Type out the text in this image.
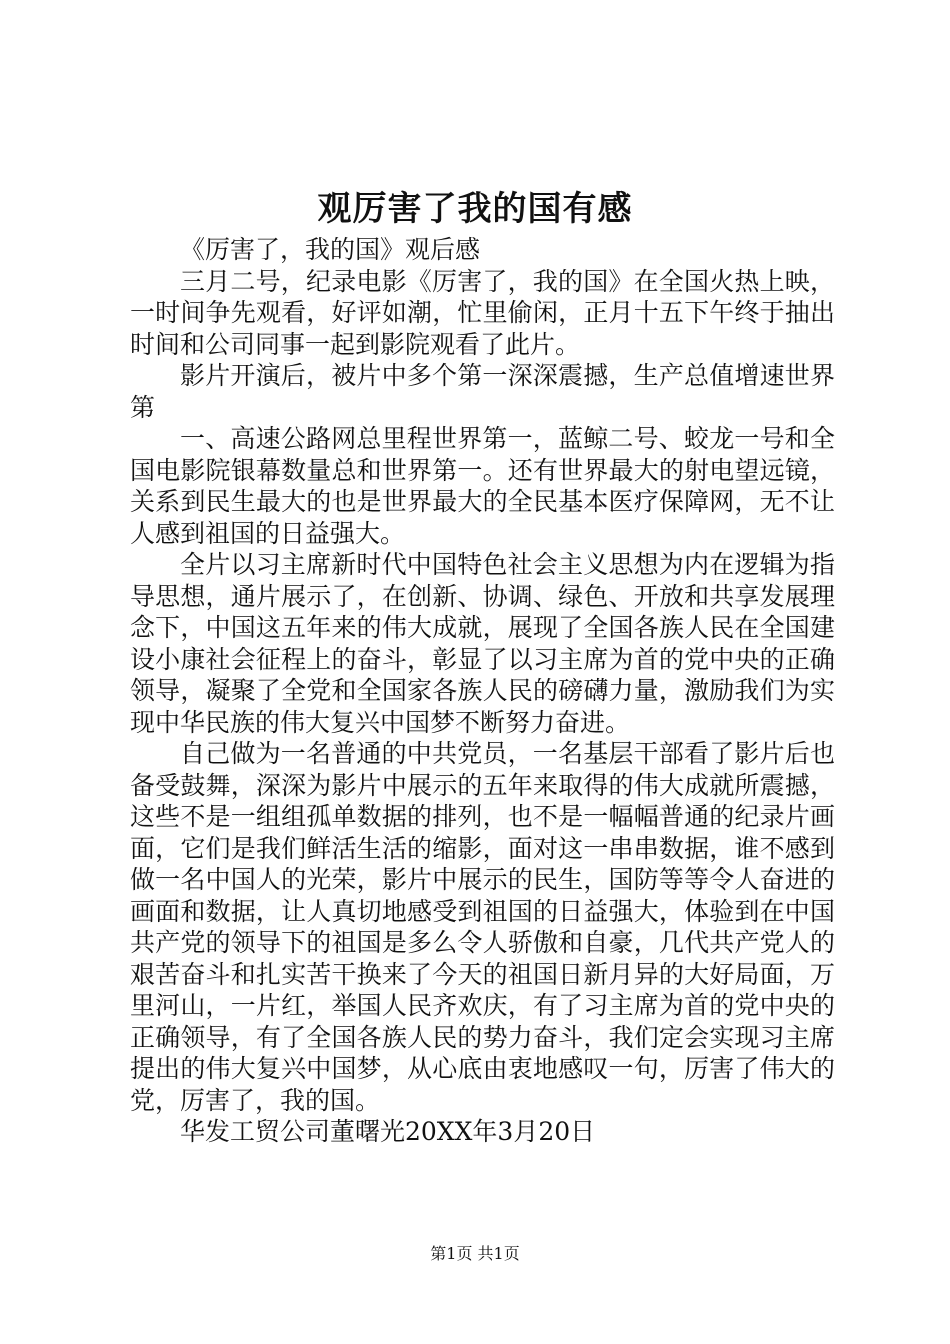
观厉害了我的国有感

《厉害了，我的国》观后感

三月二号，纪录电影《厉害了，我的国》在全国火热上映，一时间争先观看，好评如潮，忙里偷闲，正月十五下午终于抽出时间和公司同事一起到影院观看了此片。

影片开演后，被片中多个第一深深震撼，生产总值增速世界第

一、高速公路网总里程世界第一，蓝鲸二号、蛟龙一号和全国电影院银幕数量总和世界第一。还有世界最大的射电望远镜，关系到民生最大的也是世界最大的全民基本医疗保障网，无不让人感到祖国的日益强大。

全片以习主席新时代中国特色社会主义思想为内在逻辑为指导思想，通片展示了，在创新、协调、绿色、开放和共享发展理念下，中国这五年来的伟大成就，展现了全国各族人民在全国建设小康社会征程上的奋斗，彰显了以习主席为首的党中央的正确领导，凝聚了全党和全国家各族人民的磅礴力量，激励我们为实现中华民族的伟大复兴中国梦不断努力奋进。

自己做为一名普通的中共党员，一名基层干部看了影片后也备受鼓舞，深深为影片中展示的五年来取得的伟大成就所震撼，这些不是一组组孤单数据的排列，也不是一幅幅普通的纪录片画面，它们是我们鲜活生活的缩影，面对这一串串数据，谁不感到做一名中国人的光荣，影片中展示的民生，国防等等令人奋进的画面和数据，让人真切地感受到祖国的日益强大，体验到在中国共产党的领导下的祖国是多么令人骄傲和自豪，几代共产党人的艰苦奋斗和扎实苦干换来了今天的祖国日新月异的大好局面，万里河山，一片红，举国人民齐欢庆，有了习主席为首的党中央的正确领导，有了全国各族人民的势力奋斗，我们定会实现习主席提出的伟大复兴中国梦，从心底由衷地感叹一句，厉害了伟大的党，厉害了，我的国。

华发工贸公司董曙光20XX年3月20日

第1页 共1页
